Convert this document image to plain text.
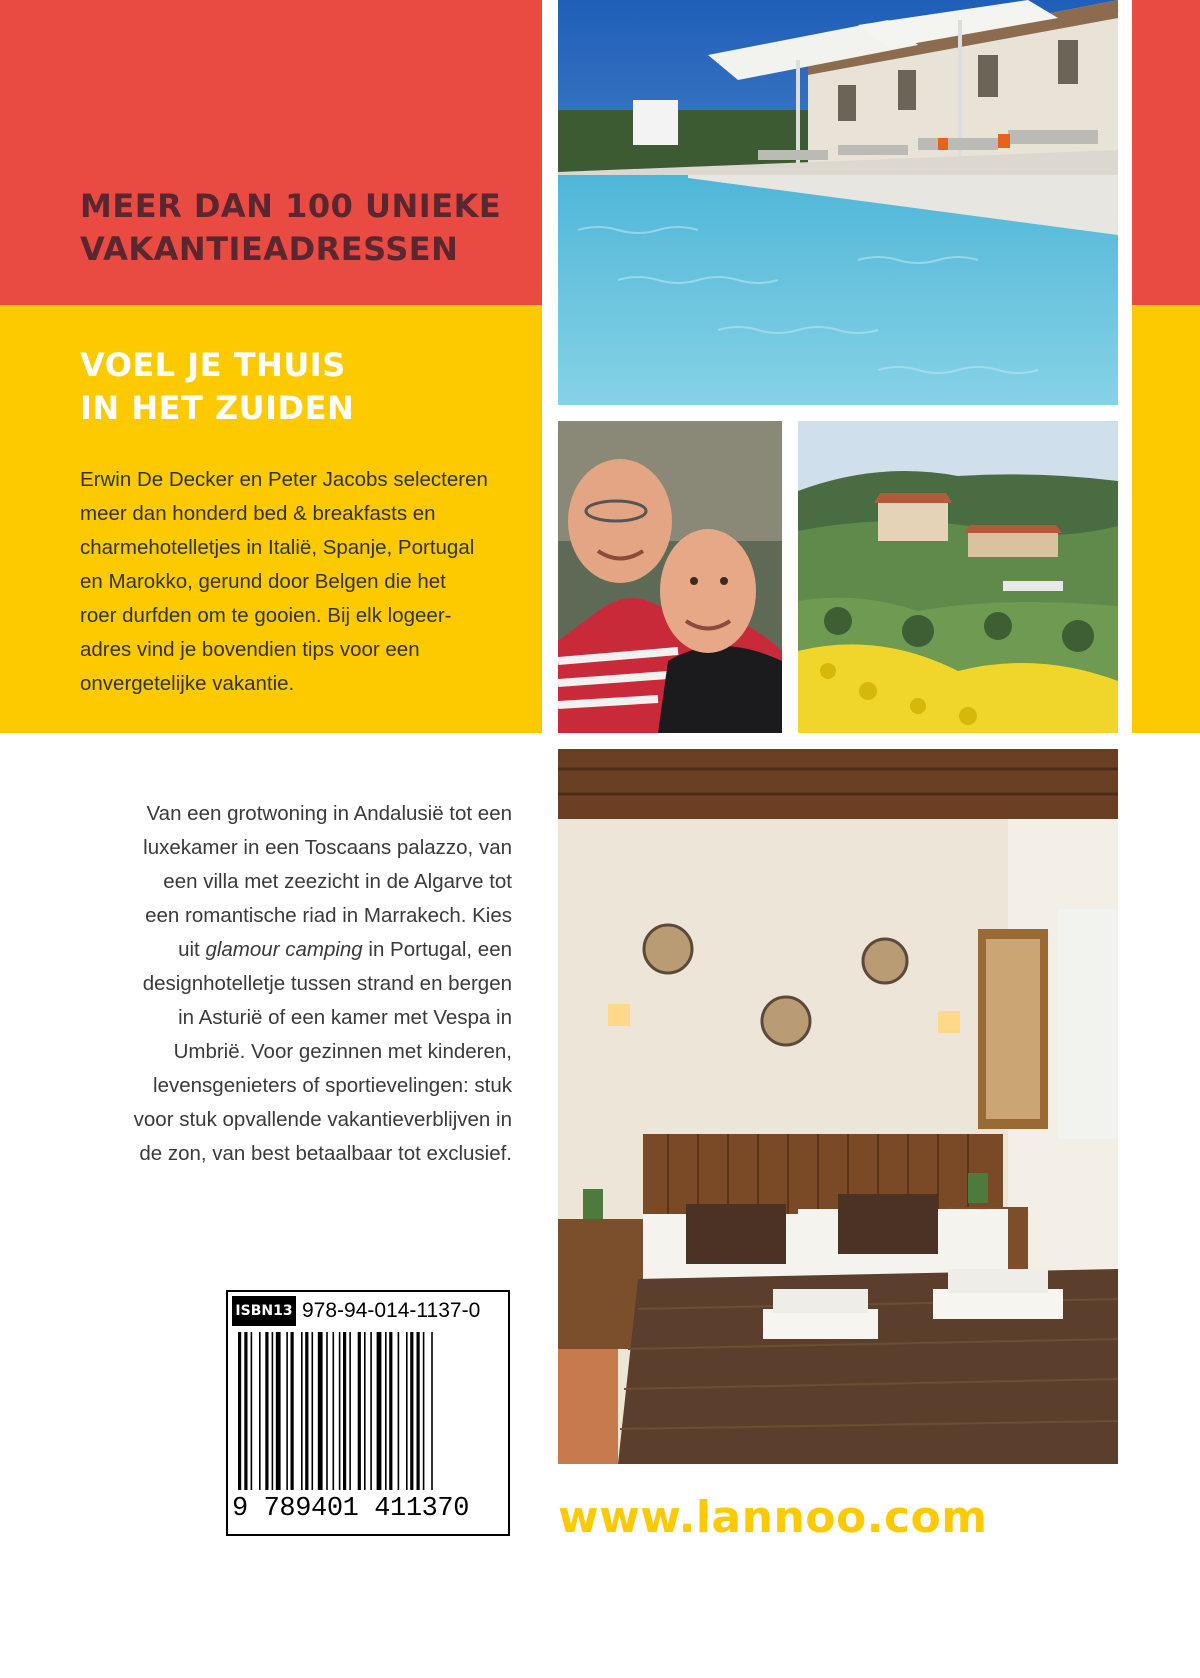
MEER DAN 100 UNIEKE
VAKANTIEADRESSEN
VOEL JE THUIS
IN HET ZUIDEN

Erwin De Decker en Peter Jacobs selecteren
meer dan honderd bed & breakfasts en
charmehotelletjes in Italië, Spanje, Portugal
en Marokko, gerund door Belgen die het
roer durfden om te gooien. Bij elk logeer-
adres vind je bovendien tips voor een
onvergetelijke vakantie.

Van een grotwoning in Andalusië tot een
luxekamer in een Toscaans palazzo, van
een villa met zeezicht in de Algarve tot
een romantische riad in Marrakech. Kies
uit glamour camping in Portugal, een
designhotelletje tussen strand en bergen
in Asturië of een kamer met Vespa in
Umbrië. Voor gezinnen met kinderen,
levensgenieters of sportievelingen: stuk
voor stuk opvallende vakantieverblijven in
de zon, van best betaalbaar tot exclusief.

ISBN13 978-94-014-1137-0
9 789401 411370	www.lannoo.com
